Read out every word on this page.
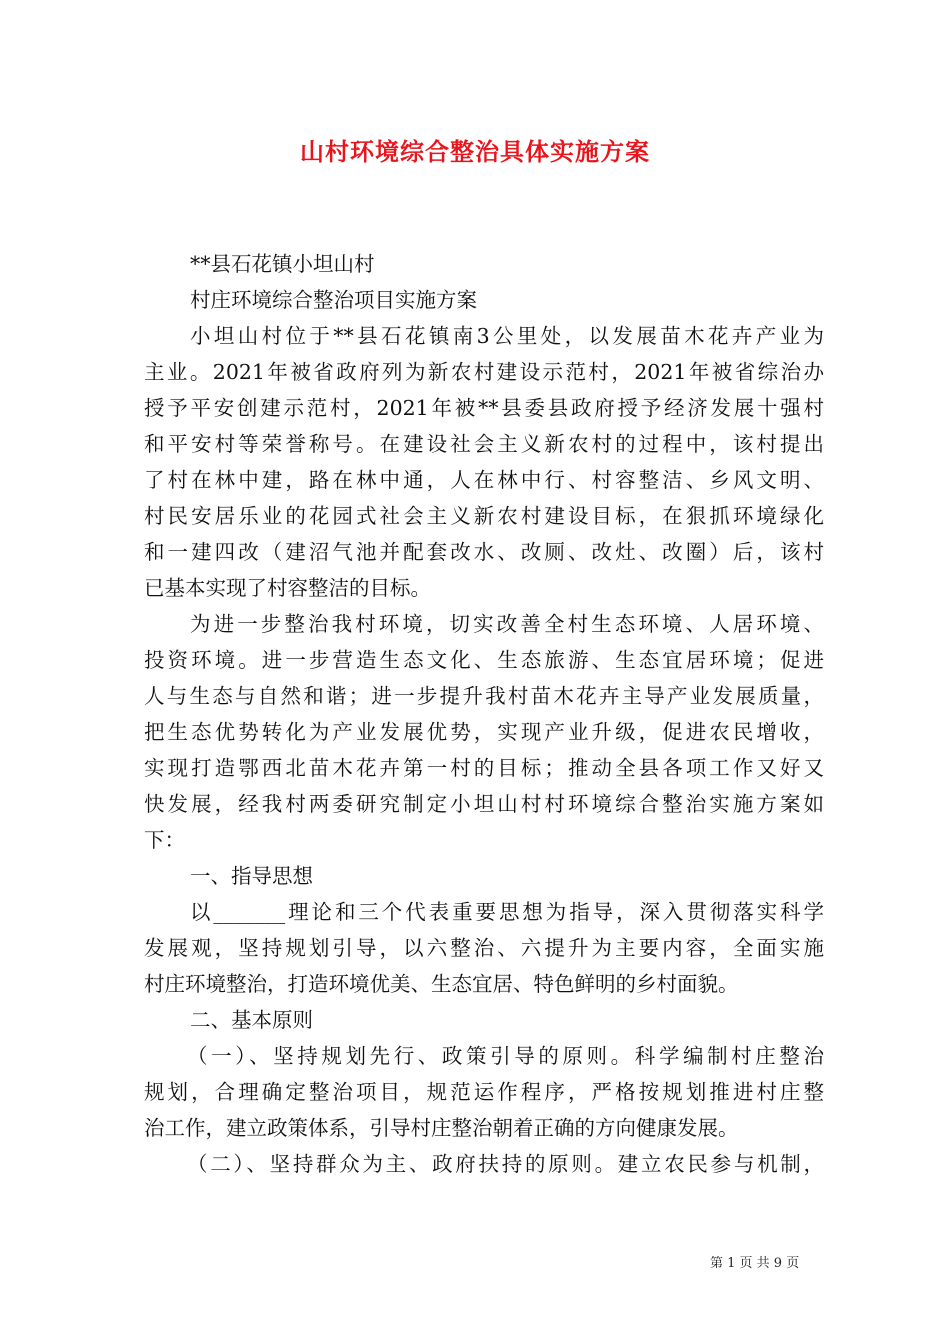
山村环境综合整治具体实施方案
**县石花镇小坦山村
村庄环境综合整治项目实施方案
小坦山村位于**县石花镇南3公里处，以发展苗木花卉产业为
主业。2021年被省政府列为新农村建设示范村，2021年被省综治办
授予平安创建示范村，2021年被**县委县政府授予经济发展十强村
和平安村等荣誉称号。在建设社会主义新农村的过程中，该村提出
了村在林中建，路在林中通，人在林中行、村容整洁、乡风文明、
村民安居乐业的花园式社会主义新农村建设目标，在狠抓环境绿化
和一建四改（建沼气池并配套改水、改厕、改灶、改圈）后，该村
已基本实现了村容整洁的目标。
为进一步整治我村环境，切实改善全村生态环境、人居环境、
投资环境。进一步营造生态文化、生态旅游、生态宜居环境；促进
人与生态与自然和谐；进一步提升我村苗木花卉主导产业发展质量，
把生态优势转化为产业发展优势，实现产业升级，促进农民增收，
实现打造鄂西北苗木花卉第一村的目标；推动全县各项工作又好又
快发展，经我村两委研究制定小坦山村村环境综合整治实施方案如
下：
一、指导思想
以_______理论和三个代表重要思想为指导，深入贯彻落实科学
发展观，坚持规划引导，以六整治、六提升为主要内容，全面实施
村庄环境整治，打造环境优美、生态宜居、特色鲜明的乡村面貌。
二、基本原则
（一）、坚持规划先行、政策引导的原则。科学编制村庄整治
规划，合理确定整治项目，规范运作程序，严格按规划推进村庄整
治工作，建立政策体系，引导村庄整治朝着正确的方向健康发展。
（二）、坚持群众为主、政府扶持的原则。建立农民参与机制，
第 1 页 共 9 页
